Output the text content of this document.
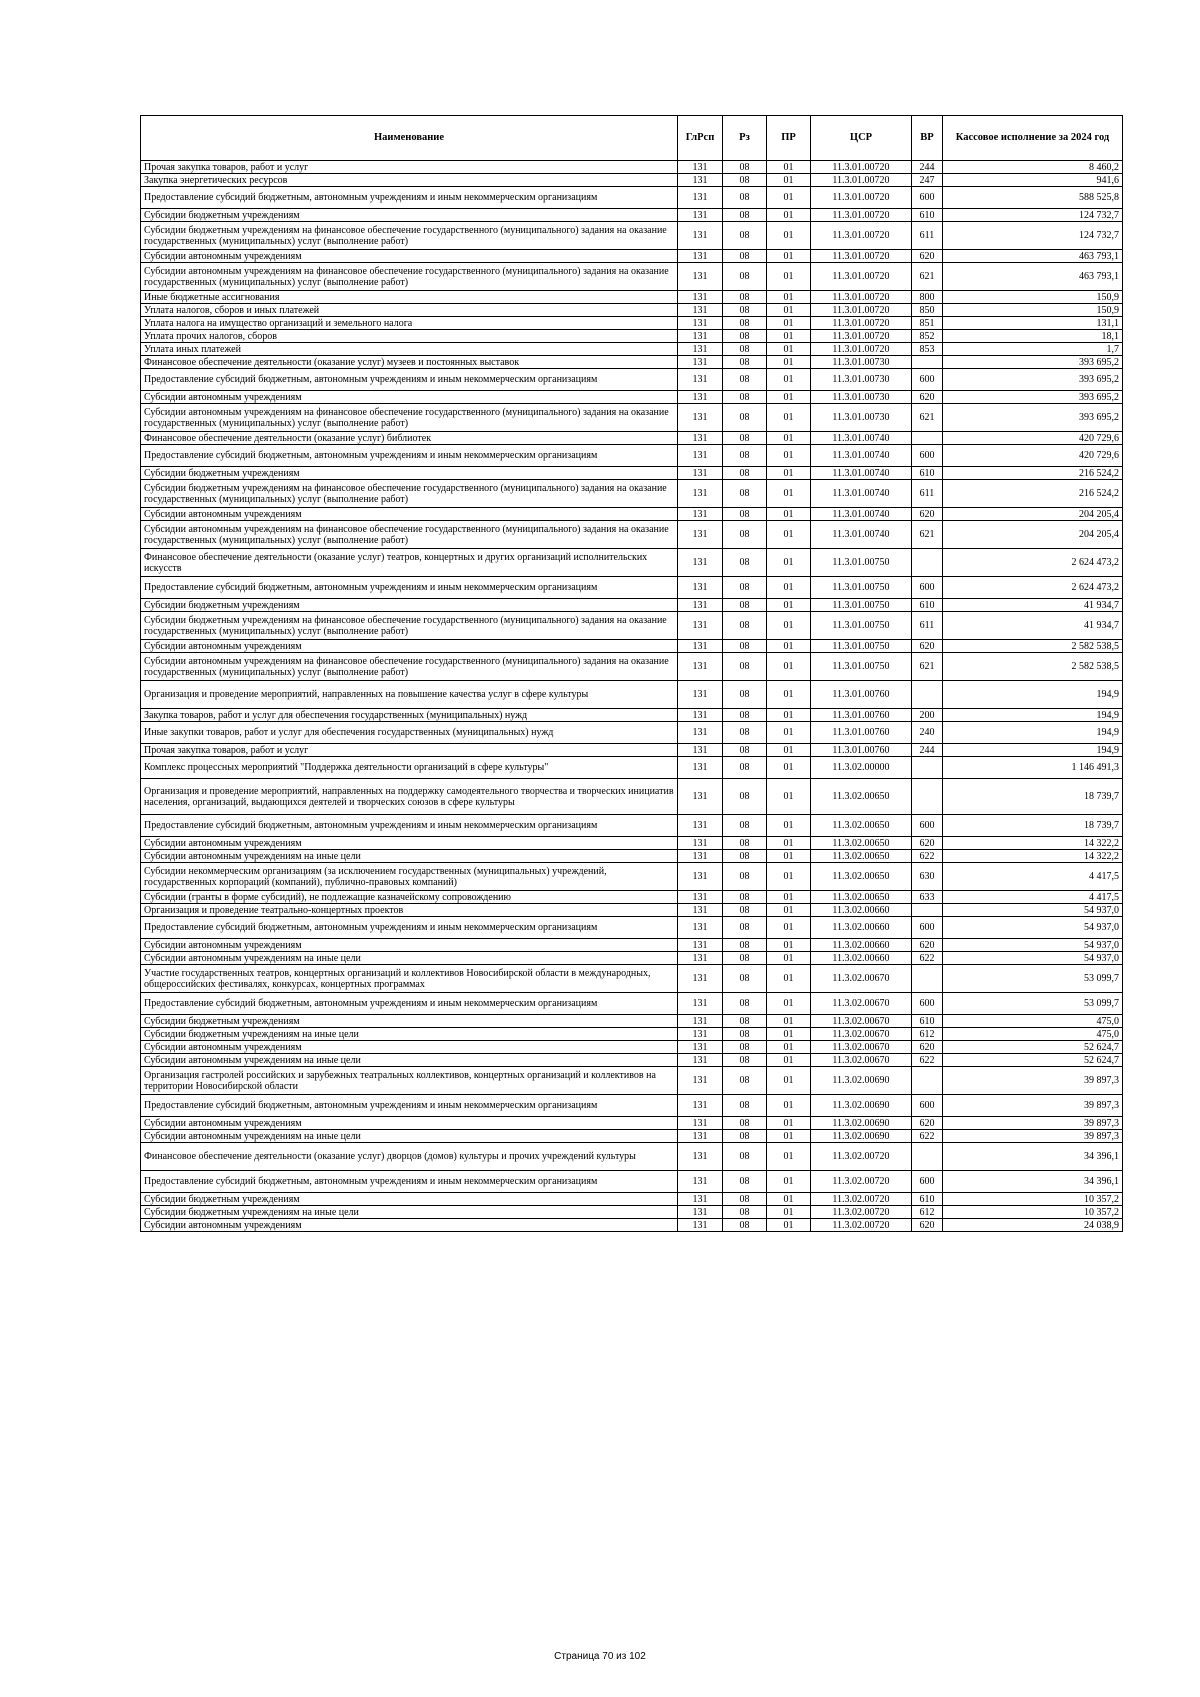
Наименование	ГлРсп	Рз	ПР	ЦСР	ВР	Кассовое исполнение за 2024 год
Прочая закупка товаров, работ и услуг	131	08	01	11.3.01.00720	244	8 460,2
Закупка энергетических ресурсов	131	08	01	11.3.01.00720	247	941,6
Предоставление субсидий бюджетным, автономным учреждениям и иным некоммерческим организациям	131	08	01	11.3.01.00720	600	588 525,8
Субсидии бюджетным учреждениям	131	08	01	11.3.01.00720	610	124 732,7
Субсидии бюджетным учреждениям на финансовое обеспечение государственного (муниципального) задания на оказание государственных (муниципальных) услуг (выполнение работ)	131	08	01	11.3.01.00720	611	124 732,7
Субсидии автономным учреждениям	131	08	01	11.3.01.00720	620	463 793,1
Субсидии автономным учреждениям на финансовое обеспечение государственного (муниципального) задания на оказание государственных (муниципальных) услуг (выполнение работ)	131	08	01	11.3.01.00720	621	463 793,1
Иные бюджетные ассигнования	131	08	01	11.3.01.00720	800	150,9
Уплата налогов, сборов и иных платежей	131	08	01	11.3.01.00720	850	150,9
Уплата налога на имущество организаций и земельного налога	131	08	01	11.3.01.00720	851	131,1
Уплата прочих налогов, сборов	131	08	01	11.3.01.00720	852	18,1
Уплата иных платежей	131	08	01	11.3.01.00720	853	1,7
Финансовое обеспечение деятельности (оказание услуг) музеев и постоянных выставок	131	08	01	11.3.01.00730		393 695,2
Предоставление субсидий бюджетным, автономным учреждениям и иным некоммерческим организациям	131	08	01	11.3.01.00730	600	393 695,2
Субсидии автономным учреждениям	131	08	01	11.3.01.00730	620	393 695,2
Субсидии автономным учреждениям на финансовое обеспечение государственного (муниципального) задания на оказание государственных (муниципальных) услуг (выполнение работ)	131	08	01	11.3.01.00730	621	393 695,2
Финансовое обеспечение деятельности (оказание услуг) библиотек	131	08	01	11.3.01.00740		420 729,6
Предоставление субсидий бюджетным, автономным учреждениям и иным некоммерческим организациям	131	08	01	11.3.01.00740	600	420 729,6
Субсидии бюджетным учреждениям	131	08	01	11.3.01.00740	610	216 524,2
Субсидии бюджетным учреждениям на финансовое обеспечение государственного (муниципального) задания на оказание государственных (муниципальных) услуг (выполнение работ)	131	08	01	11.3.01.00740	611	216 524,2
Субсидии автономным учреждениям	131	08	01	11.3.01.00740	620	204 205,4
Субсидии автономным учреждениям на финансовое обеспечение государственного (муниципального) задания на оказание государственных (муниципальных) услуг (выполнение работ)	131	08	01	11.3.01.00740	621	204 205,4
Финансовое обеспечение деятельности (оказание услуг) театров, концертных и других организаций исполнительских искусств	131	08	01	11.3.01.00750		2 624 473,2
Предоставление субсидий бюджетным, автономным учреждениям и иным некоммерческим организациям	131	08	01	11.3.01.00750	600	2 624 473,2
Субсидии бюджетным учреждениям	131	08	01	11.3.01.00750	610	41 934,7
Субсидии бюджетным учреждениям на финансовое обеспечение государственного (муниципального) задания на оказание государственных (муниципальных) услуг (выполнение работ)	131	08	01	11.3.01.00750	611	41 934,7
Субсидии автономным учреждениям	131	08	01	11.3.01.00750	620	2 582 538,5
Субсидии автономным учреждениям на финансовое обеспечение государственного (муниципального) задания на оказание государственных (муниципальных) услуг (выполнение работ)	131	08	01	11.3.01.00750	621	2 582 538,5
Организация и проведение мероприятий, направленных на повышение качества услуг в сфере культуры	131	08	01	11.3.01.00760		194,9
Закупка товаров, работ и услуг для обеспечения государственных (муниципальных) нужд	131	08	01	11.3.01.00760	200	194,9
Иные закупки товаров, работ и услуг для обеспечения государственных (муниципальных) нужд	131	08	01	11.3.01.00760	240	194,9
Прочая закупка товаров, работ и услуг	131	08	01	11.3.01.00760	244	194,9
Комплекс процессных мероприятий "Поддержка деятельности организаций в сфере культуры"	131	08	01	11.3.02.00000		1 146 491,3
Организация и проведение мероприятий, направленных на поддержку самодеятельного творчества и творческих инициатив населения, организаций, выдающихся деятелей и творческих союзов в сфере культуры	131	08	01	11.3.02.00650		18 739,7
Предоставление субсидий бюджетным, автономным учреждениям и иным некоммерческим организациям	131	08	01	11.3.02.00650	600	18 739,7
Субсидии автономным учреждениям	131	08	01	11.3.02.00650	620	14 322,2
Субсидии автономным учреждениям на иные цели	131	08	01	11.3.02.00650	622	14 322,2
Субсидии некоммерческим организациям (за исключением государственных (муниципальных) учреждений, государственных корпораций (компаний), публично-правовых компаний)	131	08	01	11.3.02.00650	630	4 417,5
Субсидии (гранты в форме субсидий), не подлежащие казначейскому сопровождению	131	08	01	11.3.02.00650	633	4 417,5
Организация и проведение театрально-концертных проектов	131	08	01	11.3.02.00660		54 937,0
Предоставление субсидий бюджетным, автономным учреждениям и иным некоммерческим организациям	131	08	01	11.3.02.00660	600	54 937,0
Субсидии автономным учреждениям	131	08	01	11.3.02.00660	620	54 937,0
Субсидии автономным учреждениям на иные цели	131	08	01	11.3.02.00660	622	54 937,0
Участие государственных театров, концертных организаций и коллективов Новосибирской области в международных, общероссийских фестивалях, конкурсах, концертных программах	131	08	01	11.3.02.00670		53 099,7
Предоставление субсидий бюджетным, автономным учреждениям и иным некоммерческим организациям	131	08	01	11.3.02.00670	600	53 099,7
Субсидии бюджетным учреждениям	131	08	01	11.3.02.00670	610	475,0
Субсидии бюджетным учреждениям на иные цели	131	08	01	11.3.02.00670	612	475,0
Субсидии автономным учреждениям	131	08	01	11.3.02.00670	620	52 624,7
Субсидии автономным учреждениям на иные цели	131	08	01	11.3.02.00670	622	52 624,7
Организация гастролей российских и зарубежных театральных коллективов, концертных организаций и коллективов на территории Новосибирской области	131	08	01	11.3.02.00690		39 897,3
Предоставление субсидий бюджетным, автономным учреждениям и иным некоммерческим организациям	131	08	01	11.3.02.00690	600	39 897,3
Субсидии автономным учреждениям	131	08	01	11.3.02.00690	620	39 897,3
Субсидии автономным учреждениям на иные цели	131	08	01	11.3.02.00690	622	39 897,3
Финансовое обеспечение деятельности (оказание услуг) дворцов (домов) культуры и прочих учреждений культуры	131	08	01	11.3.02.00720		34 396,1
Предоставление субсидий бюджетным, автономным учреждениям и иным некоммерческим организациям	131	08	01	11.3.02.00720	600	34 396,1
Субсидии бюджетным учреждениям	131	08	01	11.3.02.00720	610	10 357,2
Субсидии бюджетным учреждениям на иные цели	131	08	01	11.3.02.00720	612	10 357,2
Субсидии автономным учреждениям	131	08	01	11.3.02.00720	620	24 038,9
Страница 70 из 102
